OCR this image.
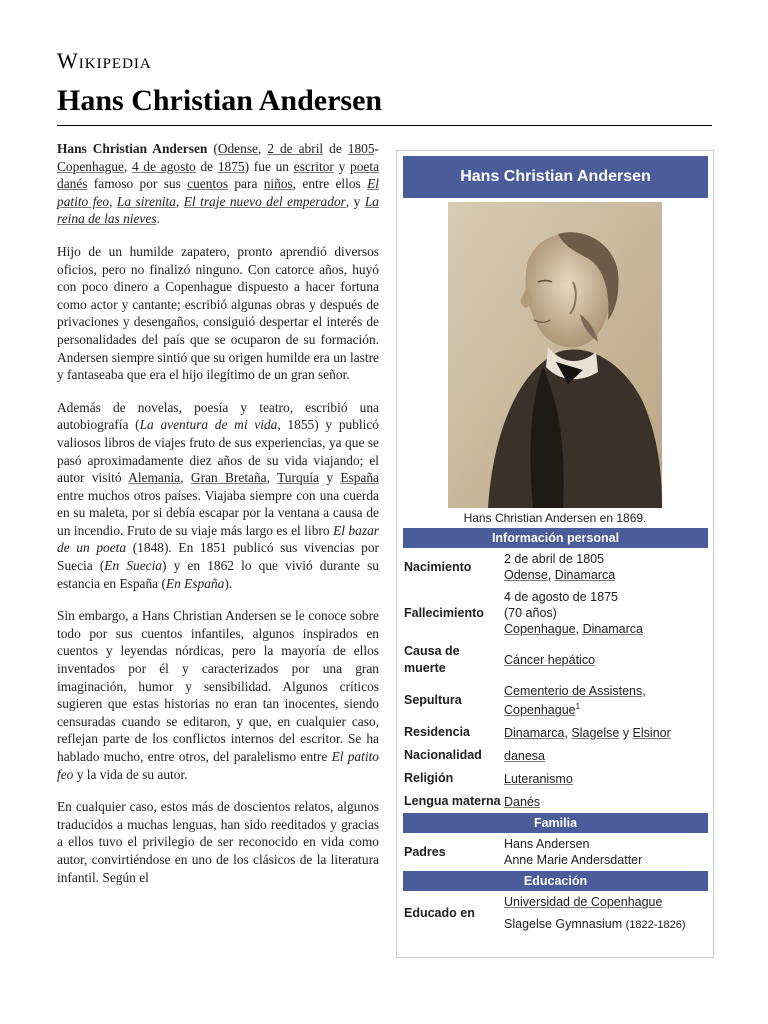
Wikipedia
Hans Christian Andersen

Hans Christian Andersen (Odense, 2 de abril de 1805-Copenhague, 4 de agosto de 1875) fue un escritor y poeta danés famoso por sus cuentos para niños, entre ellos El patito feo, La sirenita, El traje nuevo del emperador, y La reina de las nieves.

Hijo de un humilde zapatero, pronto aprendió diversos oficios, pero no finalizó ninguno. Con catorce años, huyó con poco dinero a Copenhague dispuesto a hacer fortuna como actor y cantante; escribió algunas obras y después de privaciones y desengaños, consiguió despertar el interés de personalidades del país que se ocuparon de su formación. Andersen siempre sintió que su origen humilde era un lastre y fantaseaba que era el hijo ilegítimo de un gran señor.

Además de novelas, poesía y teatro, escribió una autobiografía (La aventura de mi vida, 1855) y publicó valiosos libros de viajes fruto de sus experiencias, ya que se pasó aproximadamente diez años de su vida viajando; el autor visitó Alemania, Gran Bretaña, Turquía y España entre muchos otros países. Viajaba siempre con una cuerda en su maleta, por si debía escapar por la ventana a causa de un incendio. Fruto de su viaje más largo es el libro El bazar de un poeta (1848). En 1851 publicó sus vivencias por Suecia (En Suecia) y en 1862 lo que vivió durante su estancia en España (En España).

Sin embargo, a Hans Christian Andersen se le conoce sobre todo por sus cuentos infantiles, algunos inspirados en cuentos y leyendas nórdicas, pero la mayoría de ellos inventados por él y caracterizados por una gran imaginación, humor y sensibilidad. Algunos críticos sugieren que estas historias no eran tan inocentes, siendo censuradas cuando se editaron, y que, en cualquier caso, reflejan parte de los conflictos internos del escritor. Se ha hablado mucho, entre otros, del paralelismo entre El patito feo y la vida de su autor.

En cualquier caso, estos más de doscientos relatos, algunos traducidos a muchas lenguas, han sido reeditados y gracias a ellos tuvo el privilegio de ser reconocido en vida como autor, convirtiéndose en uno de los clásicos de la literatura infantil. Según el

Hans Christian Andersen
Hans Christian Andersen en 1869.
Información personal
Nacimiento	2 de abril de 1805
Odense, Dinamarca
Fallecimiento	4 de agosto de 1875
(70 años)
Copenhague, Dinamarca
Causa de muerte	Cáncer hepático
Sepultura	Cementerio de Assistens,
Copenhague$^1$
Residencia	Dinamarca, Slagelse y Elsinor
Nacionalidad	danesa
Religión	Luteranismo
Lengua materna	Danés
Familia
Padres	Hans Andersen
Anne Marie Andersdatter
Educación
Educado en	Universidad de Copenhague
Slagelse Gymnasium (1822-1826)
